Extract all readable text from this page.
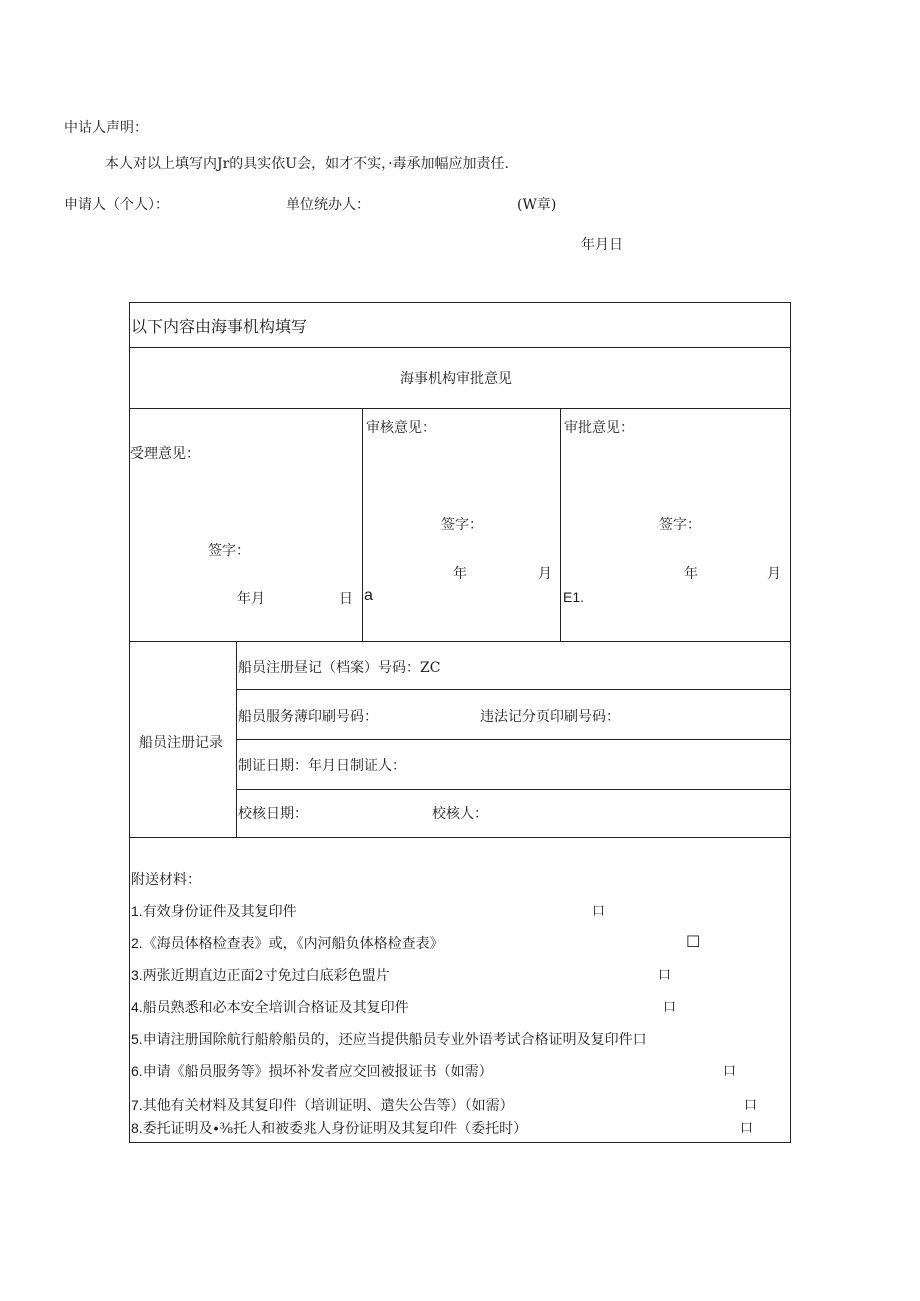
中诂人声明：
本人对以上填写内Jr的具实依U会，如才不实，·毒承加幅应加责任.
申请人（个人）：	单位统办人：	(W章)
年月日
以下内容由海事机构填写
海事机构审批意见
受理意见：
签字：
年月	日
审核意见：
签字：
年	月
a
审批意见：
签字：
年	月
E1.
船员注册记录
船员注册昼记（档案）号码：ZC
船员服务薄印刷号码：	违法记分页印刷号码：
制证日期：年月日制证人：
校核日期：	校核人：
附送材料：
1.有效身份证件及其复印件	口
2.《海员体格检查表》或，《内河船负体格检查表》	☐
3.两张近期直边正面2寸免过白底彩色盟片	口
4.船员熟悉和必本安全培训合格证及其复印件	口
5.申请注册国除航行船舲船员的，还应当提供船员专业外语考试合格证明及复印件口
6.申请《船员服务等》损坏补发者应交回被报证书（如需）	口
7.其他有关材料及其复印件（培训证明、遣失公告等）（如需）	口
8.委托证明及∙⅜托人和被委兆人身份证明及其复印件（委托时）	口
